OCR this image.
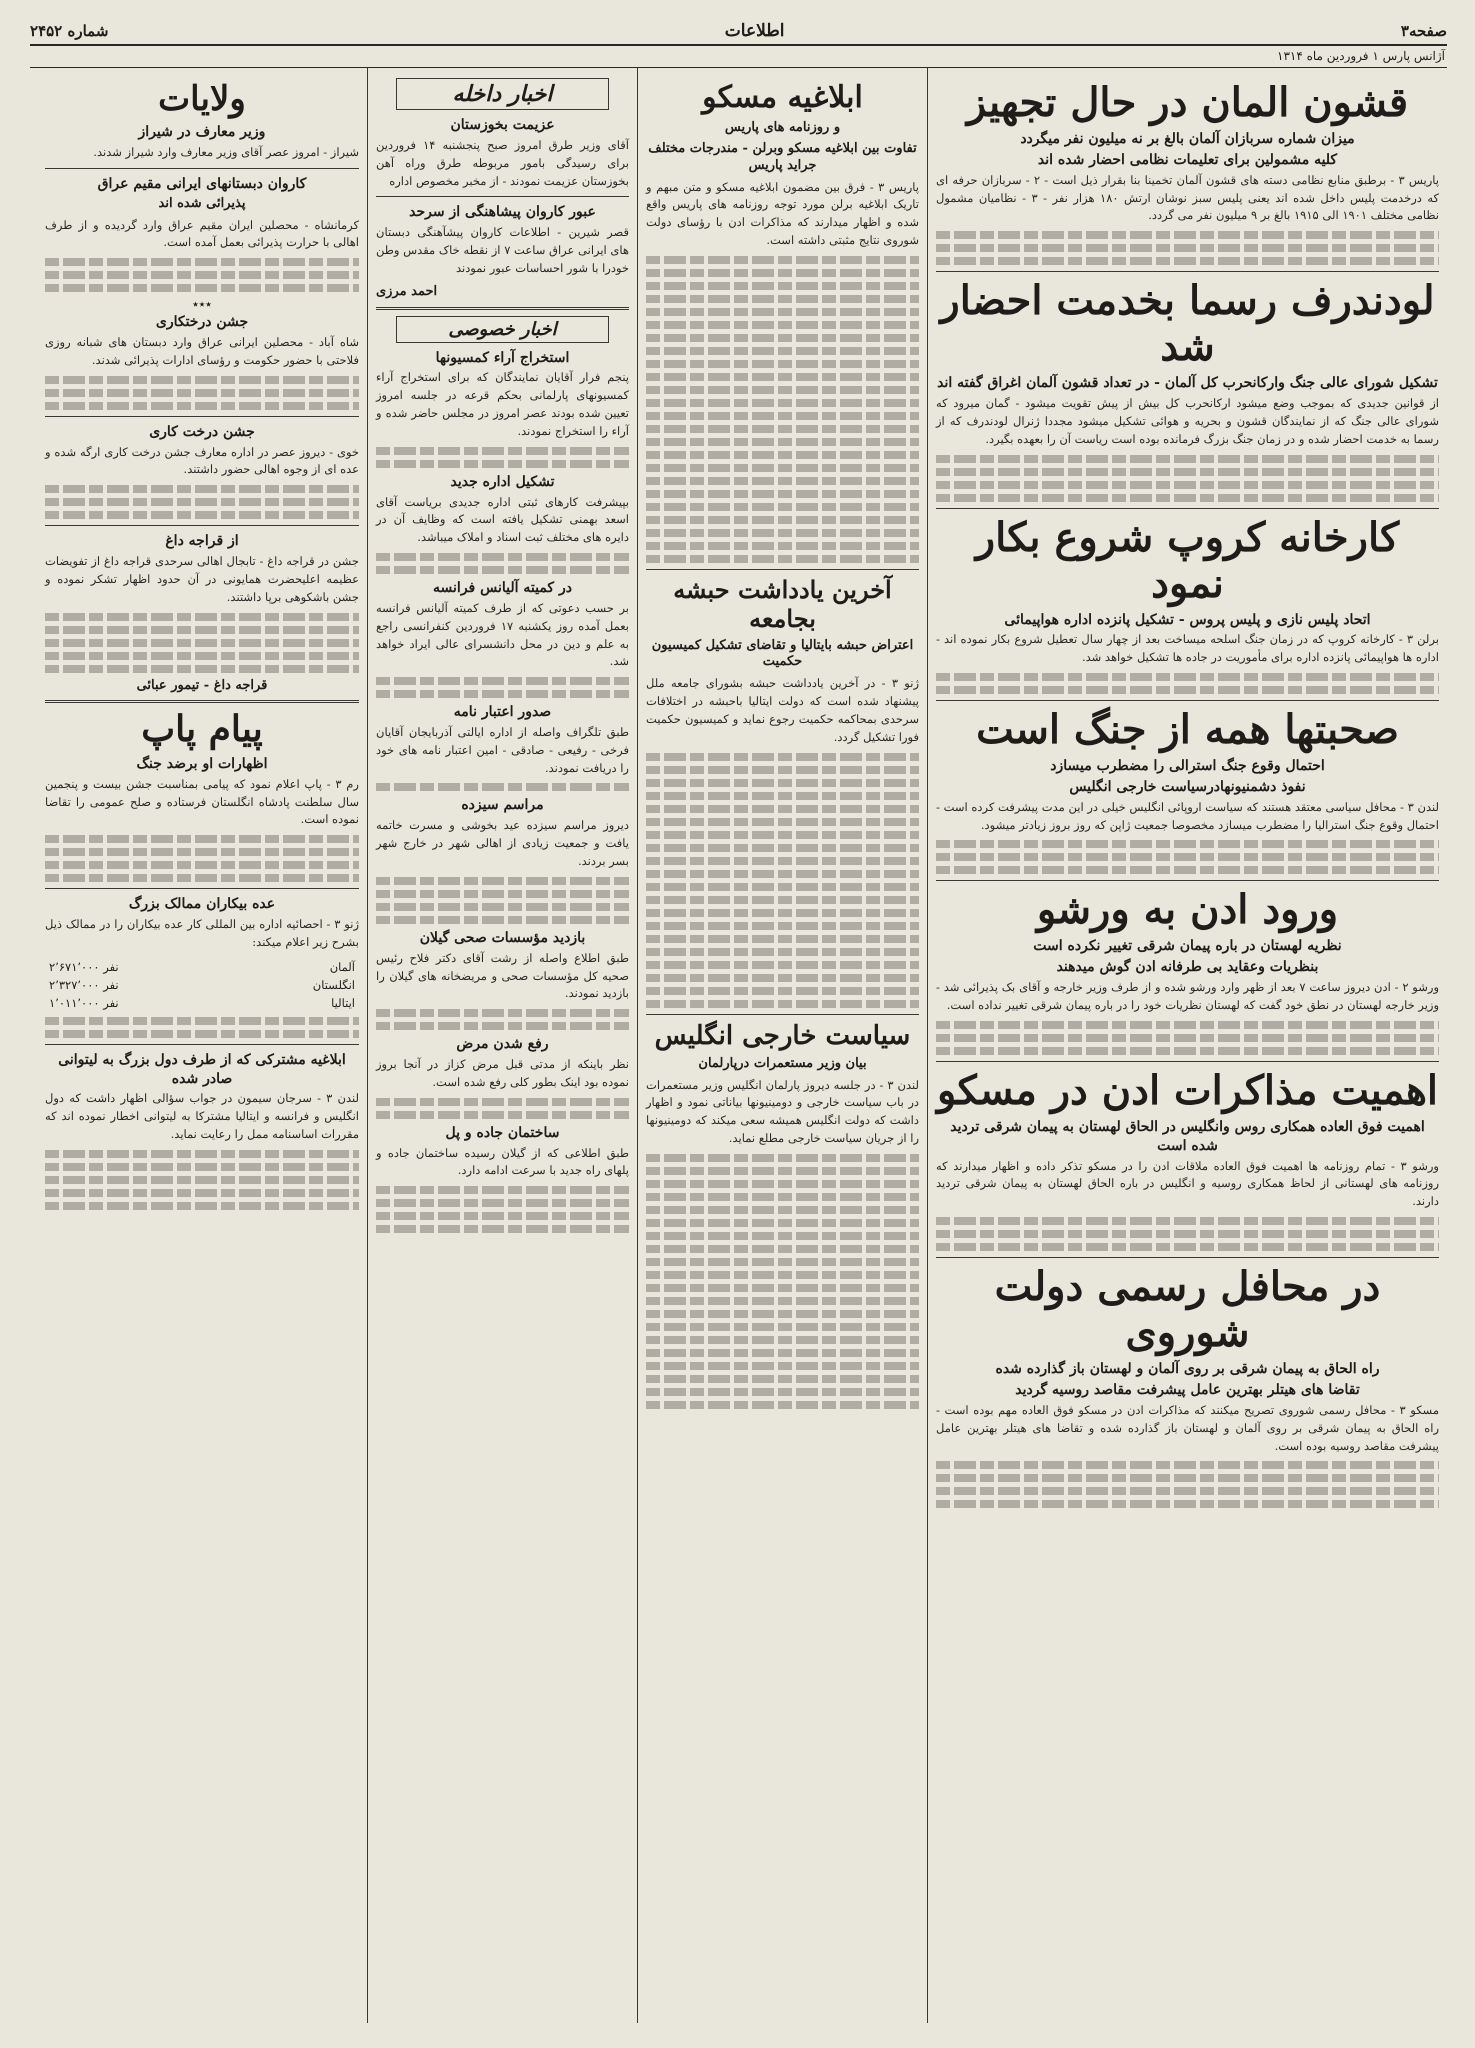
صفحه۳
اطلاعات
شماره ۲۴۵۲
آژانس پارس ۱ فروردین ماه ۱۳۱۴
قشون المان در حال تجهیز
میزان شماره سربازان آلمان بالغ بر نه میلیون نفر میگردد
کلیه مشمولین برای تعلیمات نظامی احضار شده اند
پاریس ۳ - برطبق منابع نظامی دسته های قشون آلمان تخمینا بنا بقرار ذیل است - ۲ - سربازان حرفه ای که درخدمت پلیس داخل شده اند یعنی پلیس سبز نوشان ارتش ۱۸۰ هزار نفر - ۳ - نظامیان مشمول نظامی مختلف ۱۹۰۱ الی ۱۹۱۵ بالغ بر ۹ میلیون نفر می گردد.
لودندرف رسما بخدمت احضار شد
تشکیل شورای عالی جنگ وارکانحرب کل آلمان - در تعداد قشون آلمان اغراق گفته اند
از قوانین جدیدی که بموجب وضع میشود ارکانحرب کل بیش از پیش تقویت میشود - گمان میرود که شورای عالی جنگ که از نمایندگان قشون و بحریه و هوائی تشکیل میشود مجددا ژنرال لودندرف که از رسما به خدمت احضار شده و در زمان جنگ بزرگ فرمانده بوده است ریاست آن را بعهده بگیرد.
کارخانه کروپ شروع بکار نمود
اتحاد پلیس نازی و پلیس پروس - تشکیل پانزده اداره هواپیمائی
برلن ۳ - کارخانه کروپ که در زمان جنگ اسلحه میساخت بعد از چهار سال تعطیل شروع بکار نموده اند - اداره ها هواپیمائی پانزده اداره برای مأموریت در جاده ها تشکیل خواهد شد.
صحبتها همه از جنگ است
احتمال وقوع جنگ استرالی را مضطرب میسازد
نفوذ دشمنیونهادرسیاست خارجی انگلیس
لندن ۳ - محافل سیاسی معتقد هستند که سیاست اروپائی انگلیس خیلی در این مدت پیشرفت کرده است - احتمال وقوع جنگ استرالیا را مضطرب میسازد مخصوصا جمعیت ژاپن که روز بروز زیادتر میشود.
ورود ادن به ورشو
نظریه لهستان در باره پیمان شرقی تغییر نکرده است
بنظریات وعقاید بی طرفانه ادن گوش میدهند
ورشو ۲ - ادن دیروز ساعت ۷ بعد از ظهر وارد ورشو شده و از طرف وزیر خارجه و آقای بک پذیرائی شد - وزیر خارجه لهستان در نطق خود گفت که لهستان نظریات خود را در باره پیمان شرقی تغییر نداده است.
اهمیت مذاکرات ادن در مسکو
اهمیت فوق العاده همکاری روس وانگلیس در الحاق لهستان به پیمان شرقی تردید شده است
ورشو ۳ - تمام روزنامه ها اهمیت فوق العاده ملاقات ادن را در مسکو تذکر داده و اظهار میدارند که روزنامه های لهستانی از لحاظ همکاری روسیه و انگلیس در باره الحاق لهستان به پیمان شرقی تردید دارند.
در محافل رسمی دولت شوروی
راه الحاق به پیمان شرقی بر روی آلمان و لهستان باز گذارده شده
تقاضا های هیتلر بهترین عامل پیشرفت مقاصد روسیه گردید
مسکو ۳ - محافل رسمی شوروی تصریح میکنند که مذاکرات ادن در مسکو فوق العاده مهم بوده است - راه الحاق به پیمان شرقی بر روی آلمان و لهستان باز گذارده شده و تقاضا های هیتلر بهترین عامل پیشرفت مقاصد روسیه بوده است.
ابلاغیه مسکو
و روزنامه های پاریس
تفاوت بین ابلاغیه مسکو وبرلن - مندرجات مختلف جراید پاریس
پاریس ۳ - فرق بین مضمون ابلاغیه مسکو و متن مبهم و تاریک ابلاغیه برلن مورد توجه روزنامه های پاریس واقع شده و اظهار میدارند که مذاکرات ادن با رؤسای دولت شوروی نتایج مثبتی داشته است.
آخرین یادداشت حبشه بجامعه
اعتراض حبشه بایتالیا و تقاضای تشکیل کمیسیون حکمیت
ژنو ۳ - در آخرین یادداشت حبشه بشورای جامعه ملل پیشنهاد شده است که دولت ایتالیا باحبشه در اختلافات سرحدی بمحاکمه حکمیت رجوع نماید و کمیسیون حکمیت فورا تشکیل گردد.
سیاست خارجی انگلیس
بیان وزیر مستعمرات درپارلمان
لندن ۳ - در جلسه دیروز پارلمان انگلیس وزیر مستعمرات در باب سیاست خارجی و دومینیونها بیاناتی نمود و اظهار داشت که دولت انگلیس همیشه سعی میکند که دومینیونها را از جریان سیاست خارجی مطلع نماید.
اخبار داخله
عزیمت بخوزستان
آقای وزیر طرق امروز صبح پنجشنبه ۱۴ فروردین برای رسیدگی بامور مربوطه طرق وراه آهن بخوزستان عزیمت نمودند - از مخبر مخصوص اداره
عبور کاروان پیشاهنگی از سرحد
قصر شیرین - اطلاعات کاروان پیشآهنگی دبستان های ایرانی عراق ساعت ۷ از نقطه خاک مقدس وطن خودرا با شور احساسات عبور نمودند
احمد مرزی
اخبار خصوصی
استخراج آراء کمسیونها
پنجم فرار آقایان نمایندگان که برای استخراج آراء کمسیونهای پارلمانی بحکم قرعه در جلسه امروز تعیین شده بودند عصر امروز در مجلس حاضر شده و آراء را استخراج نمودند.
تشکیل اداره جدید
بپیشرفت کارهای ثبتی اداره جدیدی بریاست آقای اسعد بهمنی تشکیل یافته است که وظایف آن در دایره های مختلف ثبت اسناد و املاک میباشد.
در کمیته آلیانس فرانسه
بر حسب دعوتی که از طرف کمیته آلیانس فرانسه بعمل آمده روز یکشنبه ۱۷ فروردین کنفرانسی راجع به علم و دین در محل دانشسرای عالی ایراد خواهد شد.
صدور اعتبار نامه
طبق تلگراف واصله از اداره ایالتی آذربایجان آقایان فرخی - رفیعی - صادقی - امین اعتبار نامه های خود را دریافت نمودند.
مراسم سیزده
دیروز مراسم سیزده عید بخوشی و مسرت خاتمه یافت و جمعیت زیادی از اهالی شهر در خارج شهر بسر بردند.
بازدید مؤسسات صحی گیلان
طبق اطلاع واصله از رشت آقای دکتر فلاح رئیس صحیه کل مؤسسات صحی و مریضخانه های گیلان را بازدید نمودند.
رفع شدن مرض
نظر باینکه از مدتی قبل مرض کزاز در آنجا بروز نموده بود اینک بطور کلی رفع شده است.
ساختمان جاده و پل
طبق اطلاعی که از گیلان رسیده ساختمان جاده و پلهای راه جدید با سرعت ادامه دارد.
ولایات
وزیر معارف در شیراز
شیراز - امروز عصر آقای وزیر معارف وارد شیراز شدند.
کاروان دبستانهای ایرانی مقیم عراق
پذیرائی شده اند
کرمانشاه - محصلین ایران مقیم عراق وارد گردیده و از طرف اهالی با حرارت پذیرائی بعمل آمده است.
٭٭٭
جشن درختکاری
شاه آباد - محصلین ایرانی عراق وارد دبستان های شبانه روزی فلاحتی با حضور حکومت و رؤسای ادارات پذیرائی شدند.
جشن درخت کاری
خوی - دیروز عصر در اداره معارف جشن درخت کاری ارگه شده و عده ای از وجوه اهالی حضور داشتند.
از قراجه داغ
جشن در قراجه داغ - تابجال اهالی سرحدی قراجه داغ از تفویضات عظیمه اعلیحضرت همایونی در آن حدود اظهار تشکر نموده و جشن باشکوهی برپا داشتند.
قراجه داغ - تیمور عبائی
پیام پاپ
اظهارات او برضد جنگ
رم ۳ - پاپ اعلام نمود که پیامی بمناسبت جشن بیست و پنجمین سال سلطنت پادشاه انگلستان فرستاده و صلح عمومی را تقاضا نموده است.
عده بیکاران ممالک بزرگ
ژنو ۳ - احصائیه اداره بین المللی کار عده بیکاران را در ممالک ذیل بشرح زیر اعلام میکند:
آلمان	۲٬۶۷۱٬۰۰۰ نفر
انگلستان	۲٬۳۲۷٬۰۰۰ نفر
ایتالیا	۱٬۰۱۱٬۰۰۰ نفر
ابلاغیه مشترکی که از طرف دول بزرگ به لیتوانی صادر شده
لندن ۳ - سرجان سیمون در جواب سؤالی اظهار داشت که دول انگلیس و فرانسه و ایتالیا مشترکا به لیتوانی اخطار نموده اند که مقررات اساسنامه ممل را رعایت نماید.
